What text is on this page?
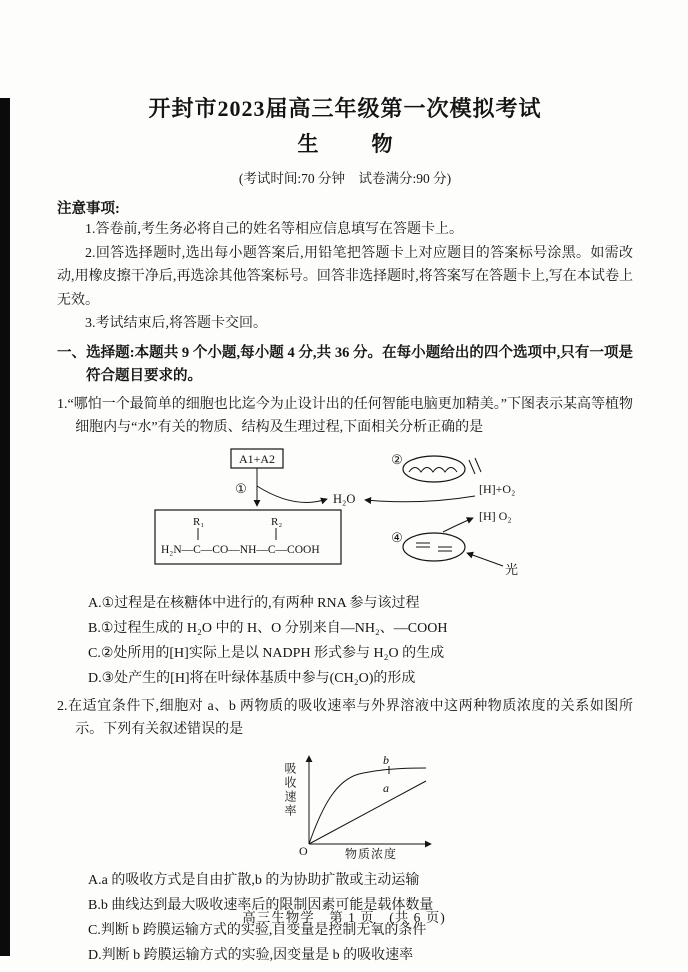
开封市2023届高三年级第一次模拟考试
生　物
(考试时间:70 分钟　试卷满分:90 分)
注意事项:

1.答卷前,考生务必将自己的姓名等相应信息填写在答题卡上。

2.回答选择题时,选出每小题答案后,用铅笔把答题卡上对应题目的答案标号涂黑。如需改动,用橡皮擦干净后,再选涂其他答案标号。回答非选择题时,将答案写在答题卡上,写在本试卷上无效。

3.考试结束后,将答题卡交回。

一、选择题:本题共 9 个小题,每小题 4 分,共 36 分。在每小题给出的四个选项中,只有一项是符合题目要求的。

1.“哪怕一个最简单的细胞也比迄今为止设计出的任何智能电脑更加精美。”下图表示某高等植物细胞内与“水”有关的物质、结构及生理过程,下面相关分析正确的是

A1+A2
①
H₂O
②
[H]+O₂
[H] O₂
④
光
R₁	R₂
H₂N—C—CO—NH—C—COOH

A.①过程是在核糖体中进行的,有两种 RNA 参与该过程

B.①过程生成的 H₂O 中的 H、O 分别来自—NH₂、—COOH

C.②处所用的[H]实际上是以 NADPH 形式参与 H₂O 的生成

D.③处产生的[H]将在叶绿体基质中参与(CH₂O)的形成

2.在适宜条件下,细胞对 a、b 两物质的吸收速率与外界溶液中这两种物质浓度的关系如图所示。下列有关叙述错误的是

吸收速率
O	物质浓度
b
a

A.a 的吸收方式是自由扩散,b 的为协助扩散或主动运输

B.b 曲线达到最大吸收速率后的限制因素可能是载体数量

C.判断 b 跨膜运输方式的实验,自变量是控制无氧的条件

D.判断 b 跨膜运输方式的实验,因变量是 b 的吸收速率

高三生物学　第 1 页　(共 6 页)
